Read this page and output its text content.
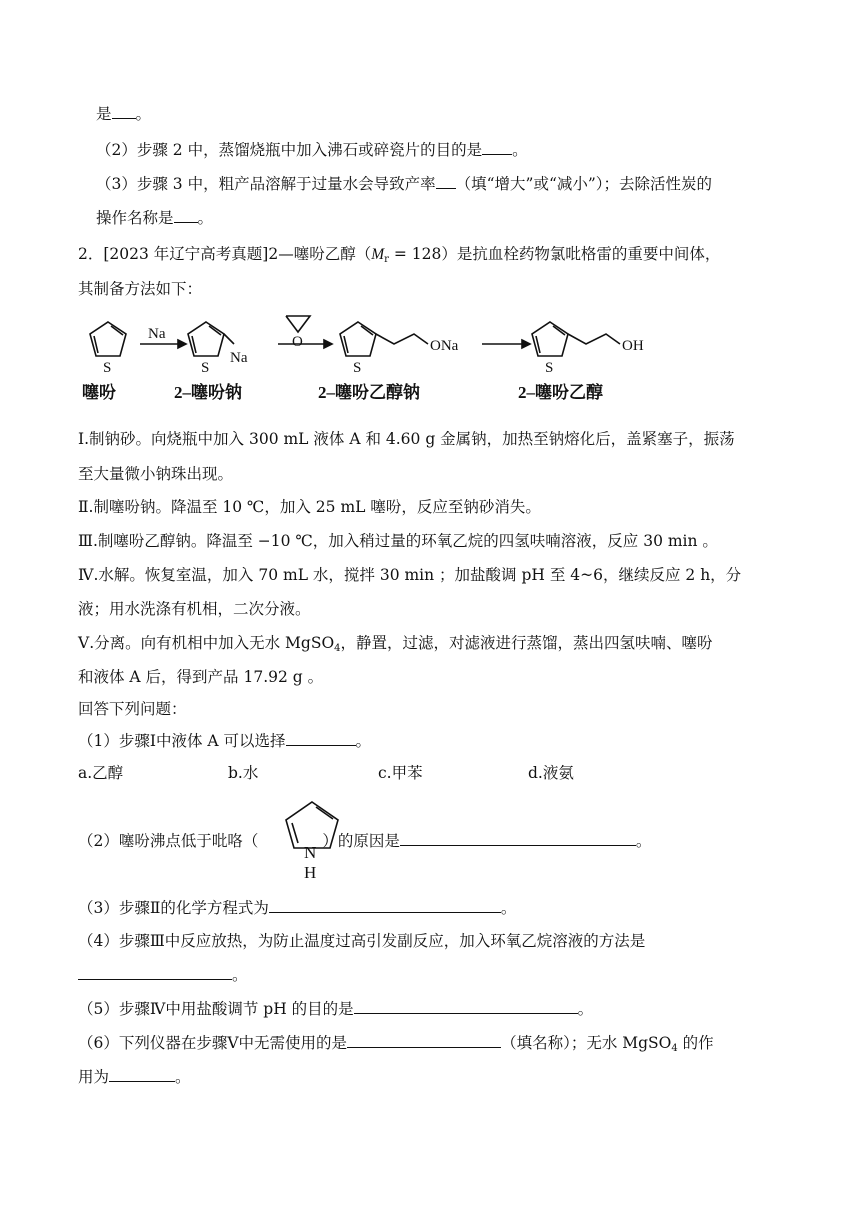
是 。
（2）步骤 2 中，蒸馏烧瓶中加入沸石或碎瓷片的目的是 。
（3）步骤 3 中，粗产品溶解于过量水会导致产率 （填“增大”或“减小”）；去除活性炭的
操作名称是 。
2．[2023 年辽宁高考真题]2—噻吩乙醇$(M_r = 128)$是抗血栓药物氯吡格雷的重要中间体，
其制备方法如下：
S
Na
S
Na
O
S
ONa
S
OH
噻吩	2–噻吩钠	2–噻吩乙醇钠	2–噻吩乙醇
Ⅰ.制钠砂。向烧瓶中加入 300 mL 液体 A 和 4.60 g 金属钠，加热至钠熔化后，盖紧塞子，振荡
至大量微小钠珠出现。
Ⅱ.制噻吩钠。降温至 10 ℃，加入 25 mL 噻吩，反应至钠砂消失。
Ⅲ.制噻吩乙醇钠。降温至 −10 ℃，加入稍过量的环氧乙烷的四氢呋喃溶液，反应 30 min 。
Ⅳ.水解。恢复室温，加入 70 mL 水，搅拌 30 min ；加盐酸调 pH 至 4~6，继续反应 2 h，分
液；用水洗涤有机相，二次分液。
Ⅴ.分离。向有机相中加入无水 MgSO$_4$，静置，过滤，对滤液进行蒸馏，蒸出四氢呋喃、噻吩
和液体 A 后，得到产品 17.92 g 。
回答下列问题：
（1）步骤Ⅰ中液体 A 可以选择	。
a.乙醇	b.水	c.甲苯	d.液氨
（2）噻吩沸点低于吡咯（	）的原因是	。
N
H
（3）步骤Ⅱ的化学方程式为	。
（4）步骤Ⅲ中反应放热，为防止温度过高引发副反应，加入环氧乙烷溶液的方法是
。
（5）步骤Ⅳ中用盐酸调节 pH 的目的是	。
（6）下列仪器在步骤Ⅴ中无需使用的是	（填名称）；无水 MgSO$_4$ 的作
用为	。
